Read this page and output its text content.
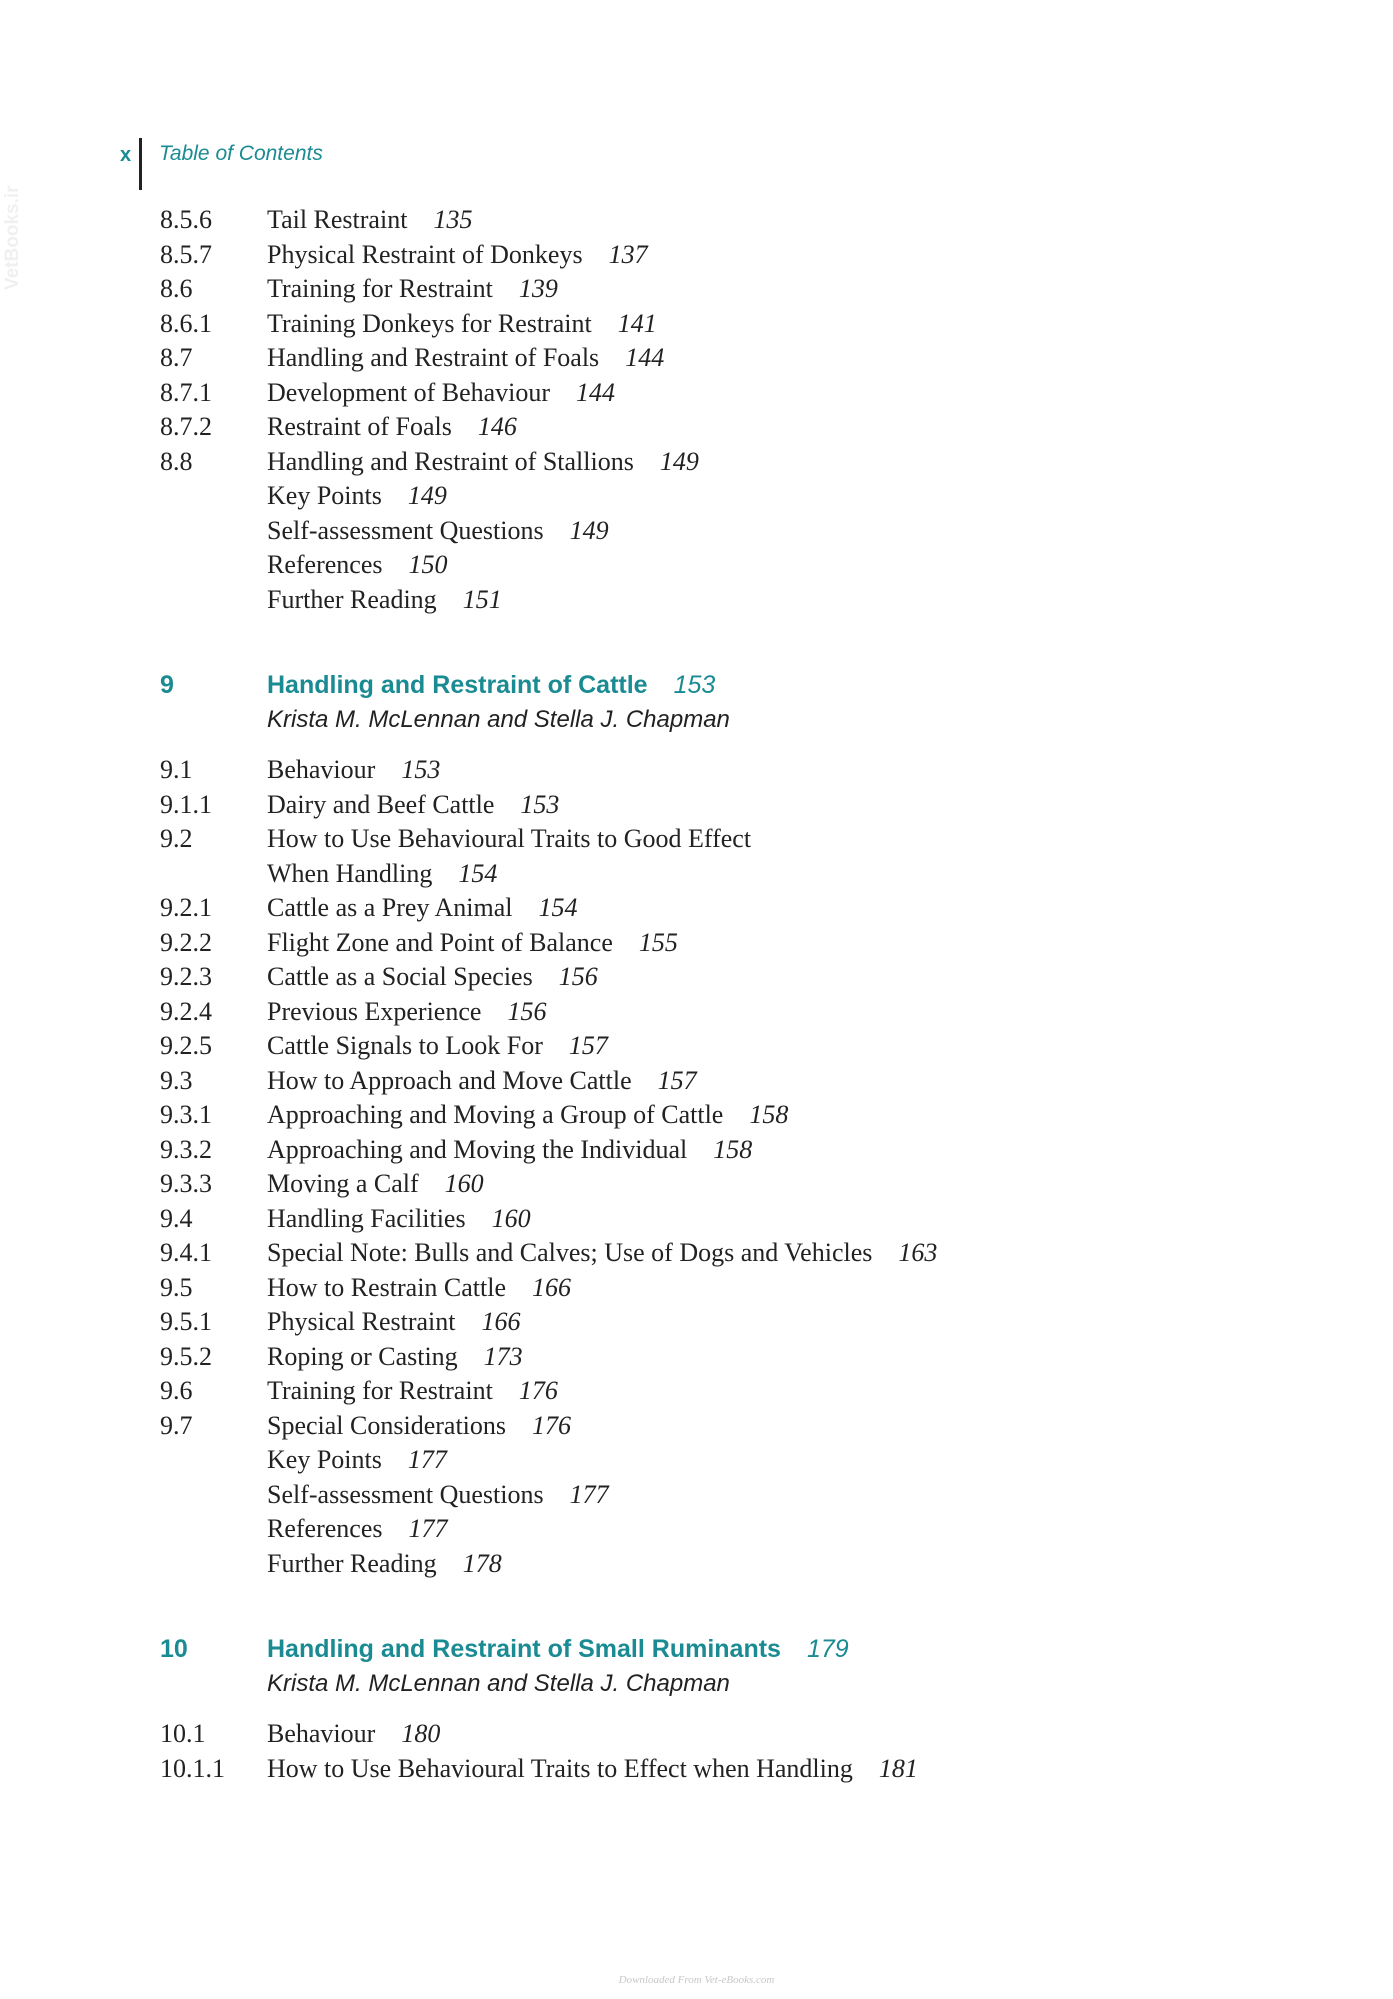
x Table of Contents
VetBooks.ir	8.5.6 Tail Restraint 135
8.5.7 Physical Restraint of Donkeys 137
8.6	Training for Restraint 139
8.6.1 Training Donkeys for Restraint 141
8.7	Handling and Restraint of Foals 144
8.7.1 Development of Behaviour 144
8.7.2 Restraint of Foals 146
8.8	Handling and Restraint of Stallions 149
Key Points 149
Self-assessment Questions 149
References 150
Further Reading 151
9	Handling and Restraint of Cattle 153
Krista M. McLennan and Stella J. Chapman
9.1	Behaviour 153
9.1.1 Dairy and Beef Cattle 153
9.2	How to Use Behavioural Traits to Good Effect
When Handling 154
9.2.1 Cattle as a Prey Animal 154
9.2.2 Flight Zone and Point of Balance 155
9.2.3 Cattle as a Social Species 156
9.2.4 Previous Experience 156
9.2.5 Cattle Signals to Look For 157
9.3	How to Approach and Move Cattle 157
9.3.1 Approaching and Moving a Group of Cattle 158
9.3.2 Approaching and Moving the Individual 158
9.3.3 Moving a Calf 160
9.4	Handling Facilities 160
9.4.1 Special Note: Bulls and Calves; Use of Dogs and Vehicles 163
9.5	How to Restrain Cattle 166
9.5.1 Physical Restraint 166
9.5.2 Roping or Casting 173
9.6	Training for Restraint 176
9.7	Special Considerations 176
Key Points 177
Self-assessment Questions 177
References 177
Further Reading 178
10	Handling and Restraint of Small Ruminants 179
Krista M. McLennan and Stella J. Chapman
10.1 Behaviour 180
10.1.1 How to Use Behavioural Traits to Effect when Handling 181
Downloaded From Vet-eBooks.com
